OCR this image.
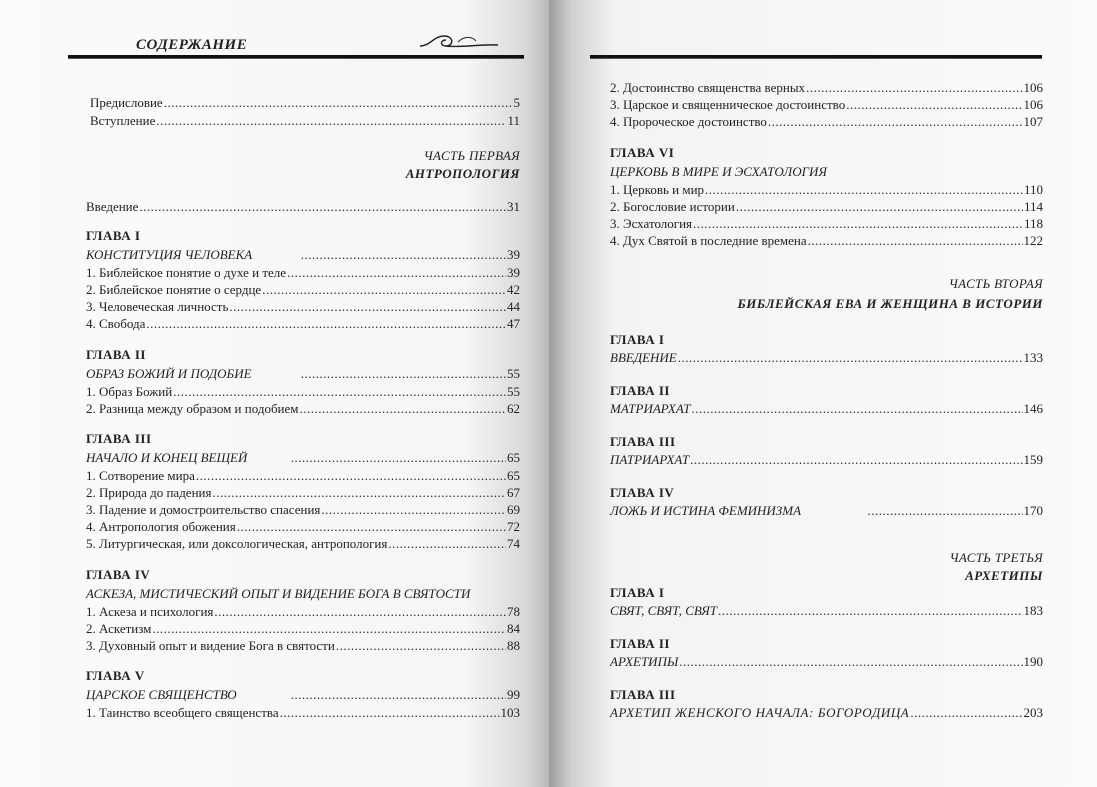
СОДЕРЖАНИЕ
Предисловие .....	5
Вступление .....	11
ЧАСТЬ ПЕРВАЯ
АНТРОПОЛОГИЯ
Введение .....	31
ГЛАВА I
КОНСТИТУЦИЯ ЧЕЛОВЕКА .....	39
1. Библейское понятие о духе и теле .....	39
2. Библейское понятие о сердце .....	42
3. Человеческая личность .....	44
4. Свобода .....	47
ГЛАВА II
ОБРАЗ БОЖИЙ И ПОДОБИЕ .....	55
1. Образ Божий .....	55
2. Разница между образом и подобием .....	62
ГЛАВА III
НАЧАЛО И КОНЕЦ ВЕЩЕЙ .....	65
1. Сотворение мира .....	65
2. Природа до падения .....	67
3. Падение и домостроительство спасения .....	69
4. Антропология обожения .....	72
5. Литургическая, или доксологическая, антропология .....	74
ГЛАВА IV
АСКЕЗА, МИСТИЧЕСКИЙ ОПЫТ И ВИДЕНИЕ БОГА В СВЯТОСТИ
1. Аскеза и психология .....	78
2. Аскетизм .....	84
3. Духовный опыт и видение Бога в святости .....	88
ГЛАВА V
ЦАРСКОЕ СВЯЩЕНСТВО .....	99
1. Таинство всеобщего священства .....	103
2. Достоинство священства верных .....	106
3. Царское и священническое достоинство .....	106
4. Пророческое достоинство .....	107
ГЛАВА VI
ЦЕРКОВЬ В МИРЕ И ЭСХАТОЛОГИЯ
1. Церковь и мир .....	110
2. Богословие истории .....	114
3. Эсхатология .....	118
4. Дух Святой в последние времена .....	122
ЧАСТЬ ВТОРАЯ
БИБЛЕЙСКАЯ ЕВА И ЖЕНЩИНА В ИСТОРИИ
ГЛАВА I
ВВЕДЕНИЕ .....	133
ГЛАВА II
МАТРИАРХАТ .....	146
ГЛАВА III
ПАТРИАРХАТ .....	159
ГЛАВА IV
ЛОЖЬ И ИСТИНА ФЕМИНИЗМА .....	170
ЧАСТЬ ТРЕТЬЯ
АРХЕТИПЫ
ГЛАВА I
СВЯТ, СВЯТ, СВЯТ .....	183
ГЛАВА II
АРХЕТИПЫ .....	190
ГЛАВА III
АРХЕТИП ЖЕНСКОГО НАЧАЛА: БОГОРОДИЦА .....	203
